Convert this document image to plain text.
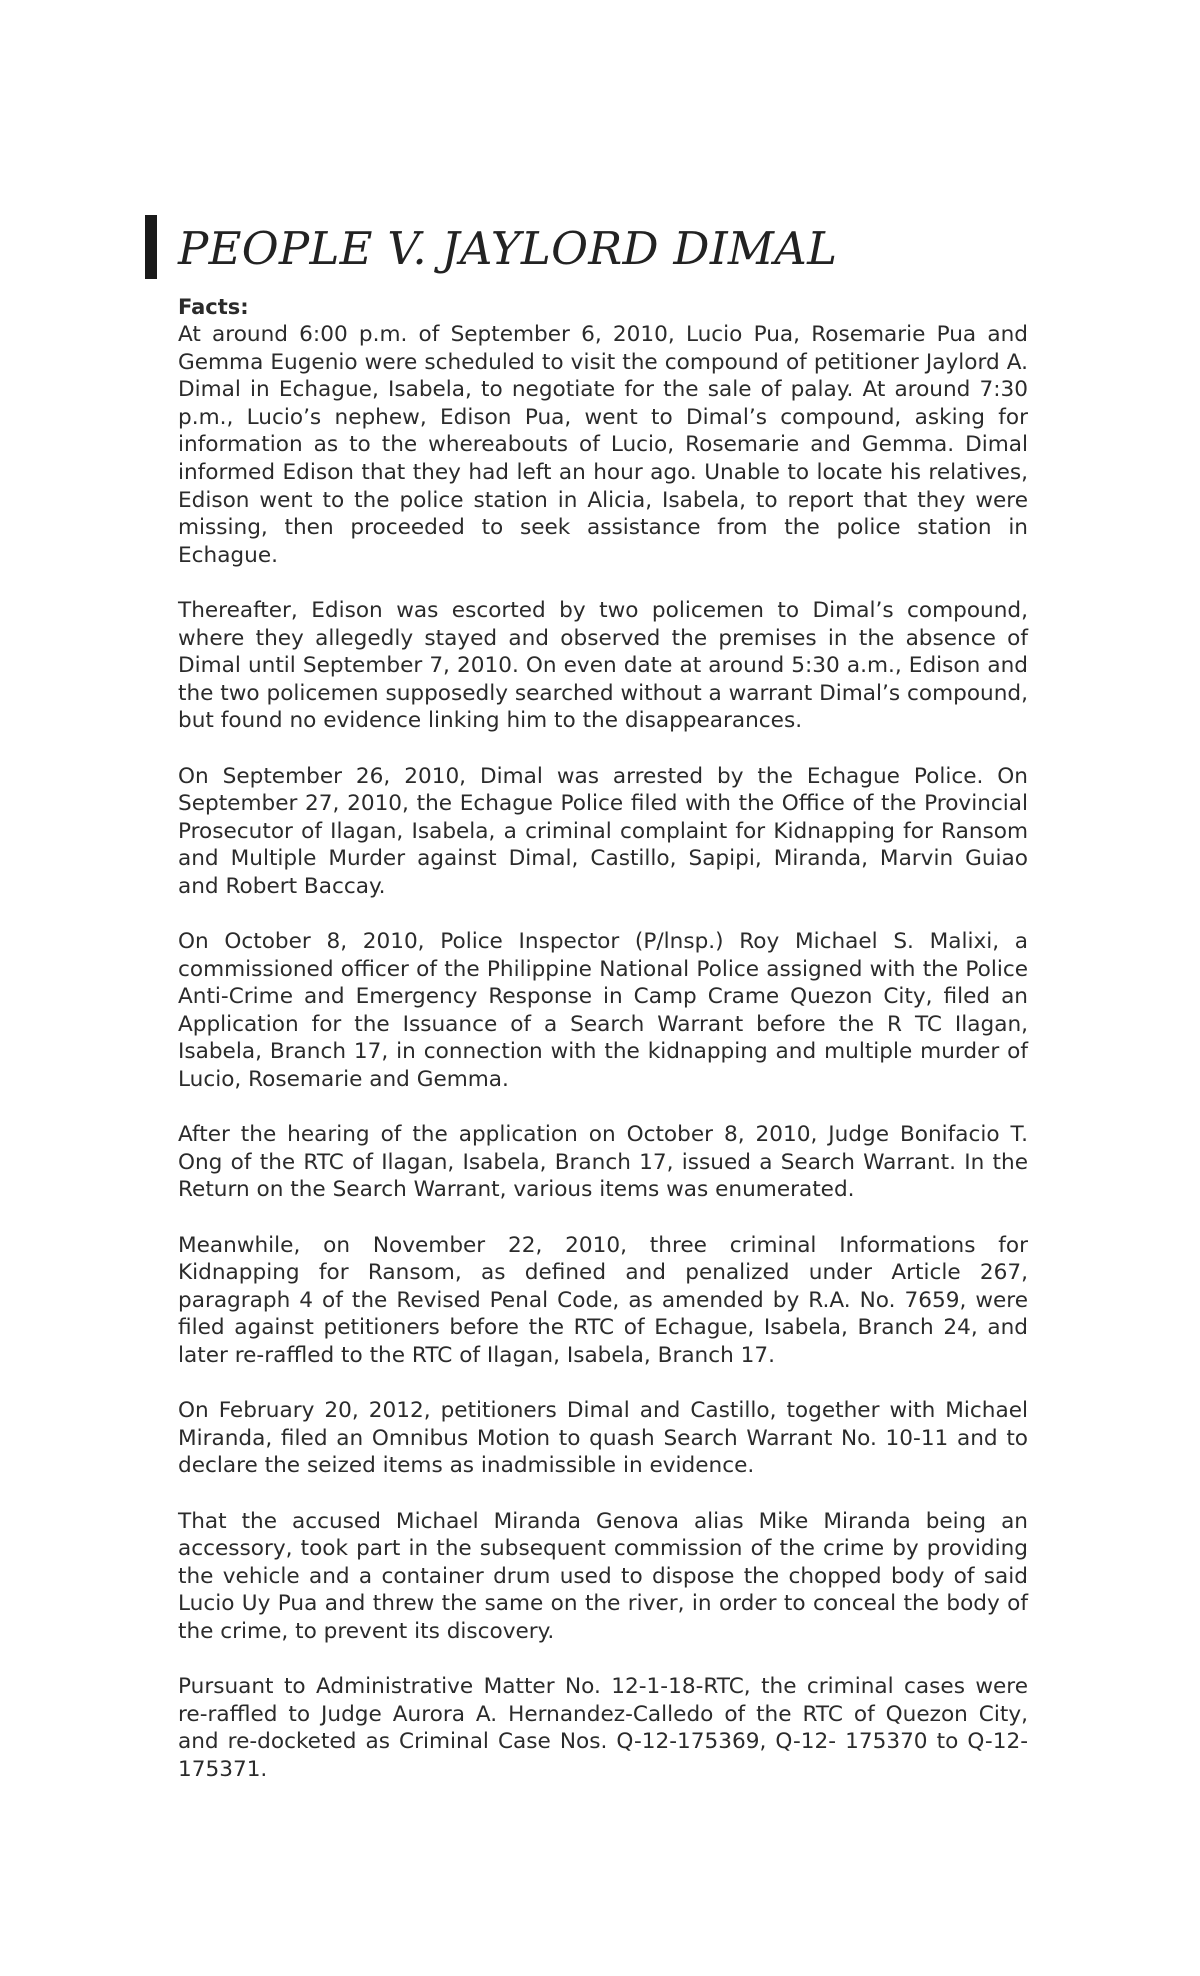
PEOPLE V. JAYLORD DIMAL

Facts:

At around 6:00 p.m. of September 6, 2010, Lucio Pua, Rosemarie Pua and Gemma Eugenio were scheduled to visit the compound of petitioner Jaylord A. Dimal in Echague, Isabela, to negotiate for the sale of palay. At around 7:30 p.m., Lucio’s nephew, Edison Pua, went to Dimal’s compound, asking for information as to the whereabouts of Lucio, Rosemarie and Gemma. Dimal informed Edison that they had left an hour ago. Unable to locate his relatives, Edison went to the police station in Alicia, Isabela, to report that they were missing, then proceeded to seek assistance from the police station in Echague.

Thereafter, Edison was escorted by two policemen to Dimal’s compound, where they allegedly stayed and observed the premises in the absence of Dimal until September 7, 2010. On even date at around 5:30 a.m., Edison and the two policemen supposedly searched without a warrant Dimal’s compound, but found no evidence linking him to the disappearances.

On September 26, 2010, Dimal was arrested by the Echague Police. On September 27, 2010, the Echague Police filed with the Office of the Provincial Prosecutor of Ilagan, Isabela, a criminal complaint for Kidnapping for Ransom and Multiple Murder against Dimal, Castillo, Sapipi, Miranda, Marvin Guiao and Robert Baccay.

On October 8, 2010, Police Inspector (P/lnsp.) Roy Michael S. Malixi, a commissioned officer of the Philippine National Police assigned with the Police Anti-Crime and Emergency Response in Camp Crame Quezon City, filed an Application for the Issuance of a Search Warrant before the R TC Ilagan, Isabela, Branch 17, in connection with the kidnapping and multiple murder of Lucio, Rosemarie and Gemma.

After the hearing of the application on October 8, 2010, Judge Bonifacio T. Ong of the RTC of Ilagan, Isabela, Branch 17, issued a Search Warrant. In the Return on the Search Warrant, various items was enumerated.

Meanwhile, on November 22, 2010, three criminal Informations for Kidnapping for Ransom, as defined and penalized under Article 267, paragraph 4 of the Revised Penal Code, as amended by R.A. No. 7659, were filed against petitioners before the RTC of Echague, Isabela, Branch 24, and later re-raffled to the RTC of Ilagan, Isabela, Branch 17.

On February 20, 2012, petitioners Dimal and Castillo, together with Michael Miranda, filed an Omnibus Motion to quash Search Warrant No. 10-11 and to declare the seized items as inadmissible in evidence.

That the accused Michael Miranda Genova alias Mike Miranda being an accessory, took part in the subsequent commission of the crime by providing the vehicle and a container drum used to dispose the chopped body of said Lucio Uy Pua and threw the same on the river, in order to conceal the body of the crime, to prevent its discovery.

Pursuant to Administrative Matter No. 12-1-18-RTC, the criminal cases were re-raffled to Judge Aurora A. Hernandez-Calledo of the RTC of Quezon City, and re-docketed as Criminal Case Nos. Q-12-175369, Q-12- 175370 to Q-12-175371.
